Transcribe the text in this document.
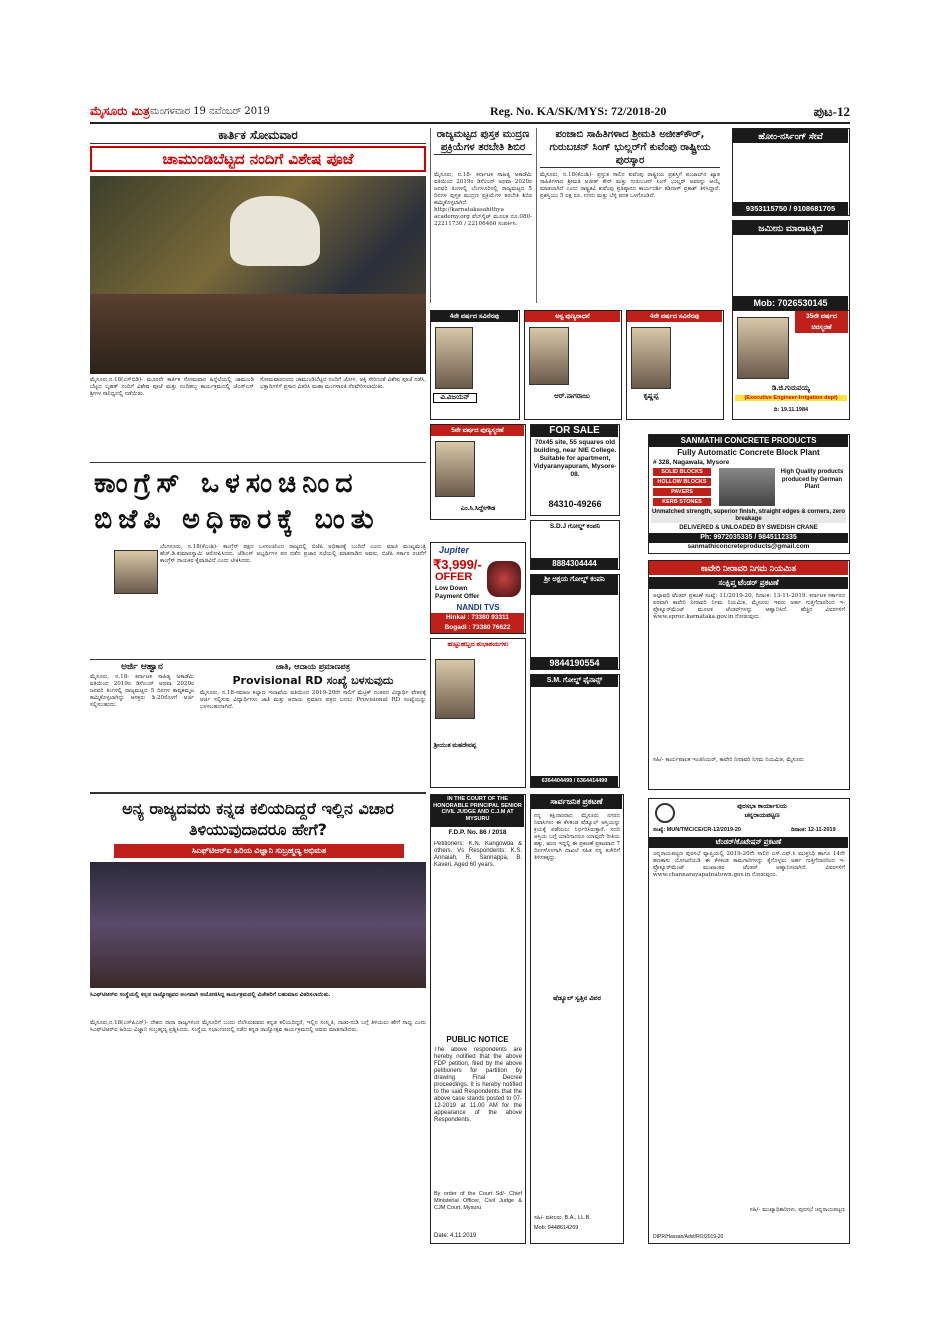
ಮೈಸೂರು ಮಿತ್ರ ಮಂಗಳವಾರ 19 ನವೆಂಬರ್ 2019	Reg. No. KA/SK/MYS: 72/2018-20	ಪುಟ-12
ಕಾರ್ತಿಕ ಸೋಮವಾರ
ಚಾಮುಂಡಿಬೆಟ್ಟದ ನಂದಿಗೆ ವಿಶೇಷ ಪೂಜೆ
ಮೈಸೂರು,ನ.18(ಎಸ್‌ಬಿಡಿ)- ಮೂರನೇ ಕಾರ್ತಿಕ ಸೋಮವಾರ ಹಿನ್ನೆಲೆಯಲ್ಲಿ ಚಾಮುಂಡಿ ಬೆಟ್ಟದ ಬೃಹತ್ ನಂದಿಗೆ ವಿಶೇಷ ಪೂಜೆ ಮತ್ತು ನಂದಿಹಬ್ಬ ಕಾರ್ಯಕ್ರಮದಲ್ಲಿ ಜೆಎಸ್‌ಎಸ್ ಶ್ರೀಗಳ ಸಾನಿಧ್ಯದಲ್ಲಿ ನಡೆಯಿತು.
ಸೋಮವಾರದಂದು ಚಾಮುಂಡಿಬೆಟ್ಟದ ನಂದಿಗೆ ಜೋಳ, ಅಕ್ಕಿ ಸೇರಿದಂತೆ ವಿಶೇಷ ಪೂಜೆ ನಡೆಸಿ, ಭಕ್ತಾದಿಗಳಿಗೆ ಪ್ರಸಾದ ವಿತರಿಸಿ ಮಹಾ ಮಂಗಳಾರತಿ ನೆರವೇರಿಸಲಾಯಿತು.
ರಾಜ್ಯಮಟ್ಟದ ಪುಸ್ತಕ ಮುದ್ರಣ ಪ್ರಕ್ರಿಯೆಗಳ ತರಬೇತಿ ಶಿಬಿರ
ಮೈಸೂರು, ನ.18- ಕರ್ನಾಟಕ ಸಾಹಿತ್ಯ ಅಕಾಡೆಮಿ ವತಿಯಿಂದ 2019ರ ಡಿಸೆಂಬರ್ ಅಥವಾ 2020ರ ಜನವರಿ ತಿಂಗಳಲ್ಲಿ ಬೆಂಗಳೂರಿನಲ್ಲಿ ರಾಜ್ಯಮಟ್ಟದ 5 ದಿನಗಳ ಪುಸ್ತಕ ಮುದ್ರಣ ಪ್ರಕ್ರಿಯೆಗಳ ತರಬೇತಿ ಶಿಬಿರ ಹಮ್ಮಿಕೊಳ್ಳಲಾಗಿದೆ. http://karnatakasahithya academy.org ವೆಬ್‌ಸೈಟ್ ಮೂಲಕ ದೂ.080-22211730 / 22106460 ಸಂಪರ್ಕಿಸಿ.
ಪಂಜಾಬಿ ಸಾಹಿತಿಗಳಾದ ಶ್ರೀಮತಿ ಅಜೀತ್‌ಕೌರ್, ಗುರುಬಚನ್ ಸಿಂಗ್ ಭುಲ್ಲರ್‌ಗೆ ಕುವೆಂಪು ರಾಷ್ಟ್ರೀಯ ಪುರಸ್ಕಾರ
ಮೈಸೂರು, ನ.18(ಕೆಎಂಶಿ)- ಪ್ರಸ್ತುತ ಸಾಲಿನ ಕುವೆಂಪು ರಾಷ್ಟ್ರೀಯ ಪ್ರಶಸ್ತಿಗೆ ಪಂಜಾಬ್‌ನ ಖ್ಯಾತ ಸಾಹಿತಿಗಳಾದ ಶ್ರೀಮತಿ ಅಜೀತ್ ಕೌರ್ ಮತ್ತು ಗುರುಬಚನ್ ಸಿಂಗ್ ಭುಲ್ಲರ್ ಅವರನ್ನು ಆಯ್ಕೆ ಮಾಡಲಾಗಿದೆ ಎಂದು ರಾಷ್ಟ್ರಕವಿ ಕುವೆಂಪು ಪ್ರತಿಷ್ಠಾನದ ಕಾರ್ಯದರ್ಶಿ ಕಡಿದಾಳ್ ಪ್ರಕಾಶ್ ತಿಳಿಸಿದ್ದಾರೆ. ಪ್ರಶಸ್ತಿಯು 5 ಲಕ್ಷ ರೂ. ನಗದು ಮತ್ತು ಬೆಳ್ಳಿ ಪದಕ ಒಳಗೊಂಡಿದೆ.
ಹೋಂ-ನರ್ಸಿಂಗ್ ಸೇವೆ
9353115750 / 9108681705
ಜಮೀನು ಮಾರಾಟಕ್ಕಿದೆ
Mob: 7026530145
4ನೇ ವರ್ಷದ ಸವಿನೆನಪು
ವಿ.ವಿಜಯನ್
ಅಸ್ಟ ಪುಣ್ಯರಾಧನೆ
ಆರ್.ನಾಗರಾಜು
4ನೇ ವರ್ಷದ ಸವಿನೆನಪು
ಕೃಷ್ಣಪ್ಪ
35ನೇ ವರ್ಷದ ಚಿರಸ್ಮರಣೆ
ಡಿ.ಜಿ.ಗುರುವಯ್ಯ
(Executive Engineer-Irrigation dept)
ದಿ: 19.11.1984
ಕಾಂಗ್ರೆಸ್ ಒಳಸಂಚಿನಿಂದ ಬಿಜೆಪಿ ಅಧಿಕಾರಕ್ಕೆ ಬಂತು
ಬೆಂಗಳೂರು, ನ.18(ಕೆಎಂಶಿ)- ಕಾಂಗ್ರೆಸ್ ಪಕ್ಷದ ಒಳಸಂಚಿನಿಂದ ರಾಜ್ಯದಲ್ಲಿ ಬಿಜೆಪಿ ಅಧಿಕಾರಕ್ಕೆ ಬಂದಿದೆ ಎಂದು ಮಾಜಿ ಮುಖ್ಯಮಂತ್ರಿ ಹೆಚ್.ಡಿ.ಕುಮಾರಸ್ವಾಮಿ ಆರೋಪಿಸಿದರು. ಜೆಡಿಎಸ್ ಅಭ್ಯರ್ಥಿಗಳ ಪರ ನಡೆದ ಪ್ರಚಾರ ಸಭೆಯಲ್ಲಿ ಮಾತನಾಡಿದ ಅವರು, ಬಿಜೆಪಿ ಸರ್ಕಾರ ರಚನೆಗೆ ಕಾಂಗ್ರೆಸ್ ನಾಯಕರ ಕೈವಾಡವಿದೆ ಎಂದು ಟೀಕಿಸಿದರು.
ಅರ್ಜಿ ಆಹ್ವಾನ
ಮೈಸೂರು, ನ.18- ಕರ್ನಾಟಕ ಸಾಹಿತ್ಯ ಅಕಾಡೆಮಿ ವತಿಯಿಂದ 2019ರ ಡಿಸೆಂಬರ್ ಅಥವಾ 2020ರ ಜನವರಿ ತಿಂಗಳಲ್ಲಿ ರಾಜ್ಯಮಟ್ಟದ 5 ದಿನಗಳ ಕಾವ್ಯಕಮ್ಮಟ ಹಮ್ಮಿಕೊಳ್ಳಲಾಗಿದ್ದು ಆಸಕ್ತರು ಡಿ.20ರೊಳಗೆ ಅರ್ಜಿ ಸಲ್ಲಿಸಬಹುದು.
ಜಾತಿ, ಆದಾಯ ಪ್ರಮಾಣಪತ್ರ
Provisional RD ಸಂಖ್ಯೆ ಬಳಸುವುದು
ಮೈಸೂರು, ನ.18-ಸಮಾಜ ಕಲ್ಯಾಣ ಇಲಾಖೆಯ ವತಿಯಿಂದ 2019-20ನೇ ಸಾಲಿಗೆ ಮೆಟ್ರಿಕ್ ನಂತರದ ವಿದ್ಯಾರ್ಥಿ ವೇತನಕ್ಕೆ ಅರ್ಜಿ ಸಲ್ಲಿಸುವ ವಿದ್ಯಾರ್ಥಿಗಳು ಜಾತಿ ಮತ್ತು ಆದಾಯ ಪ್ರಮಾಣ ಪತ್ರದ ಬದಲು Provisional RD ಸಂಖ್ಯೆಯನ್ನು ಬಳಸಬಹುದಾಗಿದೆ.
ಅನ್ಯ ರಾಜ್ಯದವರು ಕನ್ನಡ ಕಲಿಯದಿದ್ದರೆ ಇಲ್ಲಿನ ವಿಚಾರ ತಿಳಿಯುವುದಾದರೂ ಹೇಗೆ?
ಸಿಎಫ್‌ಟಿಆರ್‌ಐ ಹಿರಿಯ ವಿಜ್ಞಾನಿ ಸುಬ್ರಹ್ಮಣ್ಯ ಅಭಿಮತ
ಸಿಎಫ್‌ಟಿಆರ್‌ಐ ಸಂಸ್ಥೆಯಲ್ಲಿ ಕನ್ನಡ ರಾಜ್ಯೋತ್ಸವದ ಅಂಗವಾಗಿ ಆಯೋಜಿಸಿದ್ದ ಕಾರ್ಯಕ್ರಮದಲ್ಲಿ ವಿಜೇತರಿಗೆ ಬಹುಮಾನ ವಿತರಿಸಲಾಯಿತು.
ಮೈಸೂರು,ನ.18(ಎಸ್‌ಪಿಎನ್)- ದೇಶದ ನಾನಾ ರಾಜ್ಯಗಳಿಂದ ಮೈಸೂರಿಗೆ ಬಂದು ನೆಲೆಸಿರುವವರು ಕನ್ನಡ ಕಲಿಯದಿದ್ದರೆ, ಇಲ್ಲಿನ ಸಂಸ್ಕೃತಿ, ನಾಡು-ನುಡಿ ಬಗ್ಗೆ ತಿಳಿಯಲು ಹೇಗೆ ಸಾಧ್ಯ ಎಂದು ಸಿಎಫ್‌ಟಿಆರ್‌ಐ ಹಿರಿಯ ವಿಜ್ಞಾನಿ ಸುಬ್ರಹ್ಮಣ್ಯ ಪ್ರಶ್ನಿಸಿದರು. ಸಂಸ್ಥೆಯ ಸಭಾಂಗಣದಲ್ಲಿ ನಡೆದ ಕನ್ನಡ ರಾಜ್ಯೋತ್ಸವ ಕಾರ್ಯಕ್ರಮದಲ್ಲಿ ಅವರು ಮಾತನಾಡಿದರು.
5ನೇ ವರ್ಷದ ಪುಣ್ಯಸ್ಮರಣೆ
ಎಂ.ಸಿ.ಸಿದ್ದೇಗೌಡ
FOR SALE
70x45 site, 55 squares old building, near NIE College. Suitable for apartment, Vidyaranyapuram, Mysore-08.
84310-49266
S.D.J ಗೋಲ್ಡ್ ಕಂಪನಿ
8884304444
Jupiter
₹3,999/-
OFFER
Low Down
Payment Offer
NANDI TVS
Hinkal : 73380 93311
Bogadi : 73380 76622
ಶ್ರೀ ಅಕ್ಷಯ ಗೋಲ್ಡ್ ಕಂಪನಿ
9844190554
ಹುಟ್ಟುಹಬ್ಬದ ಶುಭಾಶಯಗಳು
ಶ್ರೀಯುತ ಮಹದೇವಪ್ಪ
S.M. ಗೋಲ್ಡ್ ಫೈನಾನ್ಸ್
6364404499 / 6364414499
IN THE COURT OF THE HONORABLE PRINCIPAL SENIOR CIVIL JUDGE AND C.J.M AT MYSURU
F.D.P. No. 86 / 2018
Petitioners: K.N. Karigowda & others. Vs Respondents: K.S. Annaiah, R. Sannappa, B. Kaveri, Aged 60 years.
PUBLIC NOTICE
The above respondents are hereby notified that the above FDP petition, filed by the above petitioners for partition by drawing Final Decree proceedings. It is hereby notified to the said Respondents that the above case stands posted to 07-12-2019 at 11.00 AM for the appearance of the above Respondents.
By order of the Court Sd/- Chief Ministerial Officer, Civil Judge & CJM Court, Mysuru
Date: 4.11.2019
ಸಾರ್ವಜನಿಕ ಪ್ರಕಟಣೆ
ನನ್ನ ಕಕ್ಷಿದಾರರಾದ ಮೈಸೂರು ನಗರದ ನಿವಾಸಿಗಳು ಈ ಕೆಳಕಂಡ ಷೆಡ್ಯೂಲ್ ಆಸ್ತಿಯನ್ನು ಕ್ರಯಕ್ಕೆ ಪಡೆಯಲು ನಿರ್ಧರಿಸಿರುತ್ತಾರೆ. ಸದರಿ ಆಸ್ತಿಯ ಬಗ್ಗೆ ಯಾರಿಗಾದರೂ ಯಾವುದೇ ರೀತಿಯ ಹಕ್ಕು, ಋಣ ಇದ್ದಲ್ಲಿ ಈ ಪ್ರಕಟಣೆ ಪ್ರಕಟವಾದ 7 ದಿನಗಳೊಳಗಾಗಿ ದಾಖಲೆ ಸಹಿತ ನನ್ನ ಕಚೇರಿಗೆ ತಿಳಿಸತಕ್ಕದ್ದು.
ಷೆಡ್ಯೂಲ್ ಸ್ವತ್ತಿನ ವಿವರ
ಸಹಿ/- ವಕೀಲರು, B.A., LL.B.
Mob: 9448614269
SANMATHI CONCRETE PRODUCTS
Fully Automatic Concrete Block Plant
# 328, Nagawala, Mysore
SOLID BLOCKS
HOLLOW BLOCKS
PAVERS
KERB STONES
High Quality products produced by German Plant
Unmatched strength, superior finish, straight edges & corners, zero breakage
DELIVERED & UNLOADED BY SWEDISH CRANE
Ph: 9972035335 / 9845112335
sanmathiconcreteproducts@gmail.com
ಕಾವೇರಿ ನೀರಾವರಿ ನಿಗಮ ನಿಯಮಿತ
ಸಂಕ್ಷಿಪ್ತ ಟೆಂಡರ್ ಪ್ರಕಟಣೆ
ಅಲ್ಪಾವಧಿ ಟೆಂಡರ್ ಪ್ರಕಟಣೆ ಸಂಖ್ಯೆ: 11/2019-20, ದಿನಾಂಕ: 13-11-2019. ಕರ್ನಾಟಕ ಸರ್ಕಾರದ ಪರವಾಗಿ ಕಾವೇರಿ ನೀರಾವರಿ ನಿಗಮ ನಿಯಮಿತ, ಮೈಸೂರು ಇವರು ಅರ್ಹ ಗುತ್ತಿಗೆದಾರರಿಂದ ಇ-ಪ್ರೊಕ್ಯೂರ್‌ಮೆಂಟ್ ಮೂಲಕ ಟೆಂಡರ್‌ಗಳನ್ನು ಆಹ್ವಾನಿಸಿದೆ. ಹೆಚ್ಚಿನ ವಿವರಗಳಿಗೆ www.eproc.karnataka.gov.in ನೋಡುವುದು.
ಸಹಿ/- ಕಾರ್ಯಪಾಲಕ ಇಂಜಿನಿಯರ್, ಕಾವೇರಿ ನೀರಾವರಿ ನಿಗಮ ನಿಯಮಿತ, ಮೈಸೂರು
ಪುರಸಭಾ ಕಾರ್ಯಾಲಯ
ಚನ್ನರಾಯಪಟ್ಟಣ
ಸಂಖ್ಯೆ: MUN/TMC/CE/CR-12/2019-20	ದಿನಾಂಕ: 12-11-2019
ಟೆಂಡರ್/ಕೊಟೇಷನ್ ಪ್ರಕಟಣೆ
ಚನ್ನರಾಯಪಟ್ಟಣ ಪುರಸಭೆ ವ್ಯಾಪ್ತಿಯಲ್ಲಿ 2019-20ನೇ ಸಾಲಿನ ಎಸ್.ಎಫ್.ಸಿ ಮುಕ್ತನಿಧಿ ಹಾಗೂ 14ನೇ ಹಣಕಾಸು ಯೋಜನೆಯಡಿ ಈ ಕೆಳಕಂಡ ಕಾಮಗಾರಿಗಳನ್ನು ಕೈಗೊಳ್ಳಲು ಅರ್ಹ ಗುತ್ತಿಗೆದಾರರಿಂದ ಇ-ಪ್ರೊಕ್ಯೂರ್‌ಮೆಂಟ್ ಮುಖಾಂತರ ಟೆಂಡರ್ ಆಹ್ವಾನಿಸಲಾಗಿದೆ. ವಿವರಗಳಿಗೆ www.channarayapatnatown.gov.in ನೋಡುವುದು.
ಸಹಿ/- ಮುಖ್ಯಾಧಿಕಾರಿಗಳು, ಪುರಸಭೆ ಚನ್ನರಾಯಪಟ್ಟಣ
DIPR/Hassan/Advt/RO/2019-20
